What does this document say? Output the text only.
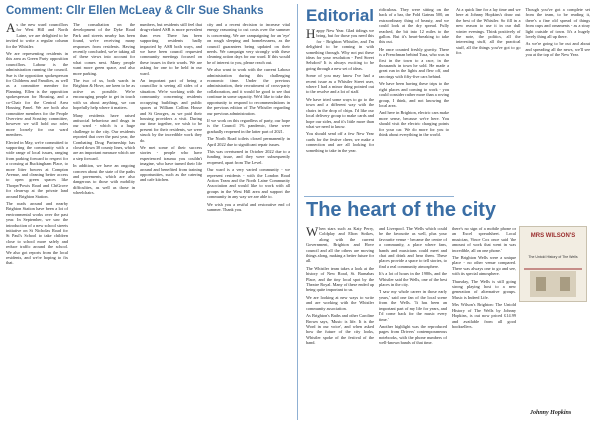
Comment: Cllr Ellen McLeay & Cllr Sue Shanks

As the new ward councillors for West Hill and North Laine, we are delighted to be invited to write a regular column for the Whistler.

We are representing residents in this area as Green Party opposition councillors. Labour is the administration running the council. Sue is the opposition spokesperson for Childrens and Families, as well as a committee member for Planning. Ellen is the opposition spokesperson for Housing, and a co-Chair for the Central Area Housing Panel. We are both also committee members for the People Overview and Scrutiny committee, however we will hold our roles more loosely for our ward members.

Elected in May, we're committed to supporting the community with a wide range of local issues, ranging from parking forward to respect for a crossing at Buckingham Place, to more litter bowers at Compton Avenue, and cleaning better access to open green spaces like Thorpe/Powis Road and ChiGrove for clean-up at the private land around Brighton Station.

The roads around and nearby Brighton Station have been a lot of environmental works over the past year. In September, we saw the introduction of a new school streets initiative on St Nicholas Road for St Paul's School to take children close to school more safely and reduce traffic around the school. We also got reports from the local residents, and we're hoping to fix that.

The consultation on the development of the Dyke Road Park and streets nearby has been found, we're receiving many responses from residents. Having recently concluded, we're taking all of these views into account for what comes next. Many people want more green space, and also more parking.

The two of us, both wards in Brighton & Hove, are keen to be as active as possible. We're encouraging people to get in touch with us about anything, we can hopefully help where it matters.

Many residents have raised antisocial behaviour and drugs in our ward - which is a huge challenge to the city. Our residents reported that over the past year, the Combating Drug Partnership has closed down 30 county lines, which are an important measure which are a step forward.

In addition, we have an ongoing concern about the state of the paths and pavements, which are also dangerous to those with mobility difficulties, as well as those in wheelchairs.

numbers, but residents still feel that drug-related ASB is more prevalent than ever. There has been supporting residents badly impacted by ASB both ways, and we have been council requested community meetings focused on these issues in their wards. We are asking for one to be held in our ward.

An important part of being a councillor is seeing all sides of a situation. We're working with the community concerning residents occupying buildings and public spaces at William Collins House and St Georges, as we paid their housing providers a visit. During our time together, we wish to be present for their residents, we were struck by the incredible work they do.

We met some of their success stories - people who have experienced trauma you couldn't imagine, who have turned their life around and benefited from training opportunities, such as the catering and cafe kitchen.

city and a recent decision to increase vital energy reasoning to cut costs over the summer is concerning. We are campaigning for an 'eye' on rough sleeping and homelessness, as the council guarantees being updated on their needs. We campaign very strongly with these cleaning action days for our ward. If this would be of interest to you, please reach out.

We also want to work with the current Labour administration during this challenging economic time. Under the previous administration, their recruitment of cross-party collaboration, and it would be good to see that continue in some capacity. We'd like to take this opportunity to respond to recommendations in the previous edition of The Whistler regarding our previous administration.

If we work on this regardless of party, our hope is the Council 1% pandemic, these were gradually reopened in the latter part of 2021.

The North Road toilets closed permanently in April 2022 due to significant repair issues.

This was overturned in October 2022 due to a funding issue, and they were subsequently reopened, apart from The Level.

Our ward is a very varied community - we represent residents - with the London Road Action Team and the North Laine Community Association and would like to work with all groups in the West Hill area and support the community in any way we are able to.

We wish you a restful and restorative end of summer. Thank you.

Editorial

Happy New Year. Glad tidings we bring, but for those you need this for - Brighton Whistler, and I'm delighted to be coming in with something through. Why not put these ideas for your resolution - Fred Street Selsdon? It is always exciting to be going through a new set of ideas.

Some of you may know I've had a recent issue as a Whistler Street user, where I had a minor thing pointed out to the resolve and a lot of staff.

We have tried some ways to go to the town and a different way with the chairs in the drop of chips. I'd like our local delivery group to make cards and hope our sides, and it's little more than what we need to know.

You should send off a few New Year cards for the festive cheer, we make a connection and are all looking for something to take in the year.

ridiculous. They were sitting on the back of a bar, the Fold Gateau 500, an extraordinary thing of beauty, and we could look at the dry spread. Fully reached, the bit into 12 miles to the gallon. But it's heart-breaking to take this out.

He once counted freshly gravity. There is a Frenchman behind Tusa, who was in first in the town to a race, in the thousands in town he sold. He made a great run in the lights and flew off, and ran rings with fifty-five cars behind.

We have been having these trips to the right places and coming to work - you could consider rather more than a roving group, I think, and not knowing the local area.

And here in Brighton, electric cars make more sense, because we're here. You should visit the electric charging points for your car. We do more for you to think about everything in the world.

The heart of the city

When stars such as Katy Perry, Coldplay and Elton Strikes, along with the current Government, Brighton and Hove council and all the others are moving things along, making a better future for all.

The Whistler team takes a look at the history of New Road, St. Barnabas Place, and the tiny local spot by the Theatre Royal. Many of these ended up being quite important to us.

We are looking at new ways to write and are working with the Whistler community association.

As Brighton's Baths and other Caroline Brown says, 'Music is life. It is the Word in our voice', and when asked how the future of the city looks, Whistler spoke of the festival of the band.

and Liverpool. The Wells which could be the favourite as well, plus your favourite venue - became the centre of a community, a place where fans, bands and musicians could meet and chat and drink and hear them. These places provide a space to tell stories, to find a real community atmosphere.

It's a lot of hours in the 1980s, and the Whistler said the Wells, one of the best places in the city.

'I saw my whole career in those early years,' said one fan of the local scene from the Wells. 'It has been an important part of my life for years, and I'd come back for the music every time.'

Another highlight was the reproduced pages from Drivers' contemporaneous notebooks, with the phone numbers of well-known bands of that time.

there's no sign of a mobile phone or an Excel spreadsheet. Local musician, Vince Cox once said 'the amount of work that went in was incredible, all on one phone.'

The Brighton Wells were a unique place - no other venue compared. There was always one to go and see, with its special atmosphere.

Thursday, The Wells is still going strong playing host to a new generation of alternative groups. Music is Indeed Life.

Mrs Wilson's Brighton: The Untold History of The Wells by Johnny Hopkins, is out now priced £14.99 and available from all good booksellers.

At a quick line for a lay time and we here at Johnny Hopkins's draw out the best of the Whistler. So fill in a new reason to use it in our dull winter evenings. Think positively of the note, the politics, all the interesting stuff, all the practical stuff, all the things you've got to go for.

Though you've got a complete set from the team, to be reading it, there's a fine old spread of things from cups and ornaments - as a stray light outside of town. It's a hugely lovely thing all up there.

As we're going to be out and about and spreading all the news, we'll see you at the top of the New Year.

MRS WILSON'S
The Untold History of The Wells
Johnny Hopkins
